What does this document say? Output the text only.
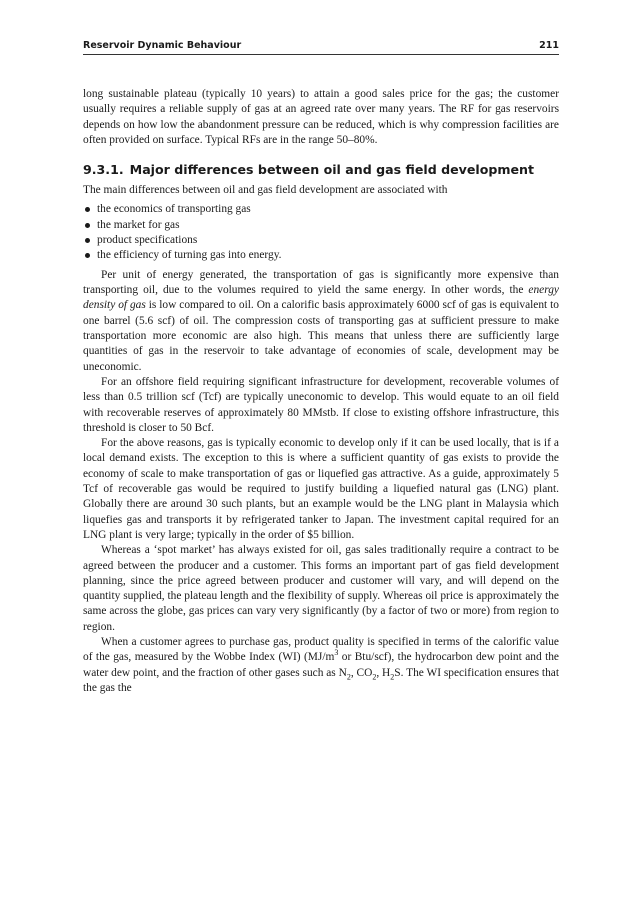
Reservoir Dynamic Behaviour	211

long sustainable plateau (typically 10 years) to attain a good sales price for the gas; the customer usually requires a reliable supply of gas at an agreed rate over many years. The RF for gas reservoirs depends on how low the abandonment pressure can be reduced, which is why compression facilities are often provided on surface. Typical RFs are in the range 50–80%.

9.3.1. Major differences between oil and gas field development

The main differences between oil and gas field development are associated with

the economics of transporting gas
the market for gas
product specifications
the efficiency of turning gas into energy.

Per unit of energy generated, the transportation of gas is significantly more expensive than transporting oil, due to the volumes required to yield the same energy. In other words, the energy density of gas is low compared to oil. On a calorific basis approximately 6000 scf of gas is equivalent to one barrel (5.6 scf) of oil. The compression costs of transporting gas at sufficient pressure to make transportation more economic are also high. This means that unless there are sufficiently large quantities of gas in the reservoir to take advantage of economies of scale, development may be uneconomic.

For an offshore field requiring significant infrastructure for development, recoverable volumes of less than 0.5 trillion scf (Tcf) are typically uneconomic to develop. This would equate to an oil field with recoverable reserves of approximately 80 MMstb. If close to existing offshore infrastructure, this threshold is closer to 50 Bcf.

For the above reasons, gas is typically economic to develop only if it can be used locally, that is if a local demand exists. The exception to this is where a sufficient quantity of gas exists to provide the economy of scale to make transportation of gas or liquefied gas attractive. As a guide, approximately 5 Tcf of recoverable gas would be required to justify building a liquefied natural gas (LNG) plant. Globally there are around 30 such plants, but an example would be the LNG plant in Malaysia which liquefies gas and transports it by refrigerated tanker to Japan. The investment capital required for an LNG plant is very large; typically in the order of $5 billion.

Whereas a ‘spot market’ has always existed for oil, gas sales traditionally require a contract to be agreed between the producer and a customer. This forms an important part of gas field development planning, since the price agreed between producer and customer will vary, and will depend on the quantity supplied, the plateau length and the flexibility of supply. Whereas oil price is approximately the same across the globe, gas prices can vary very significantly (by a factor of two or more) from region to region.

When a customer agrees to purchase gas, product quality is specified in terms of the calorific value of the gas, measured by the Wobbe Index (WI) ($MJ/m^3$ or Btu/scf), the hydrocarbon dew point and the water dew point, and the fraction of other gases such as $N_2$, $CO_2$, $H_2S$. The WI specification ensures that the gas the
